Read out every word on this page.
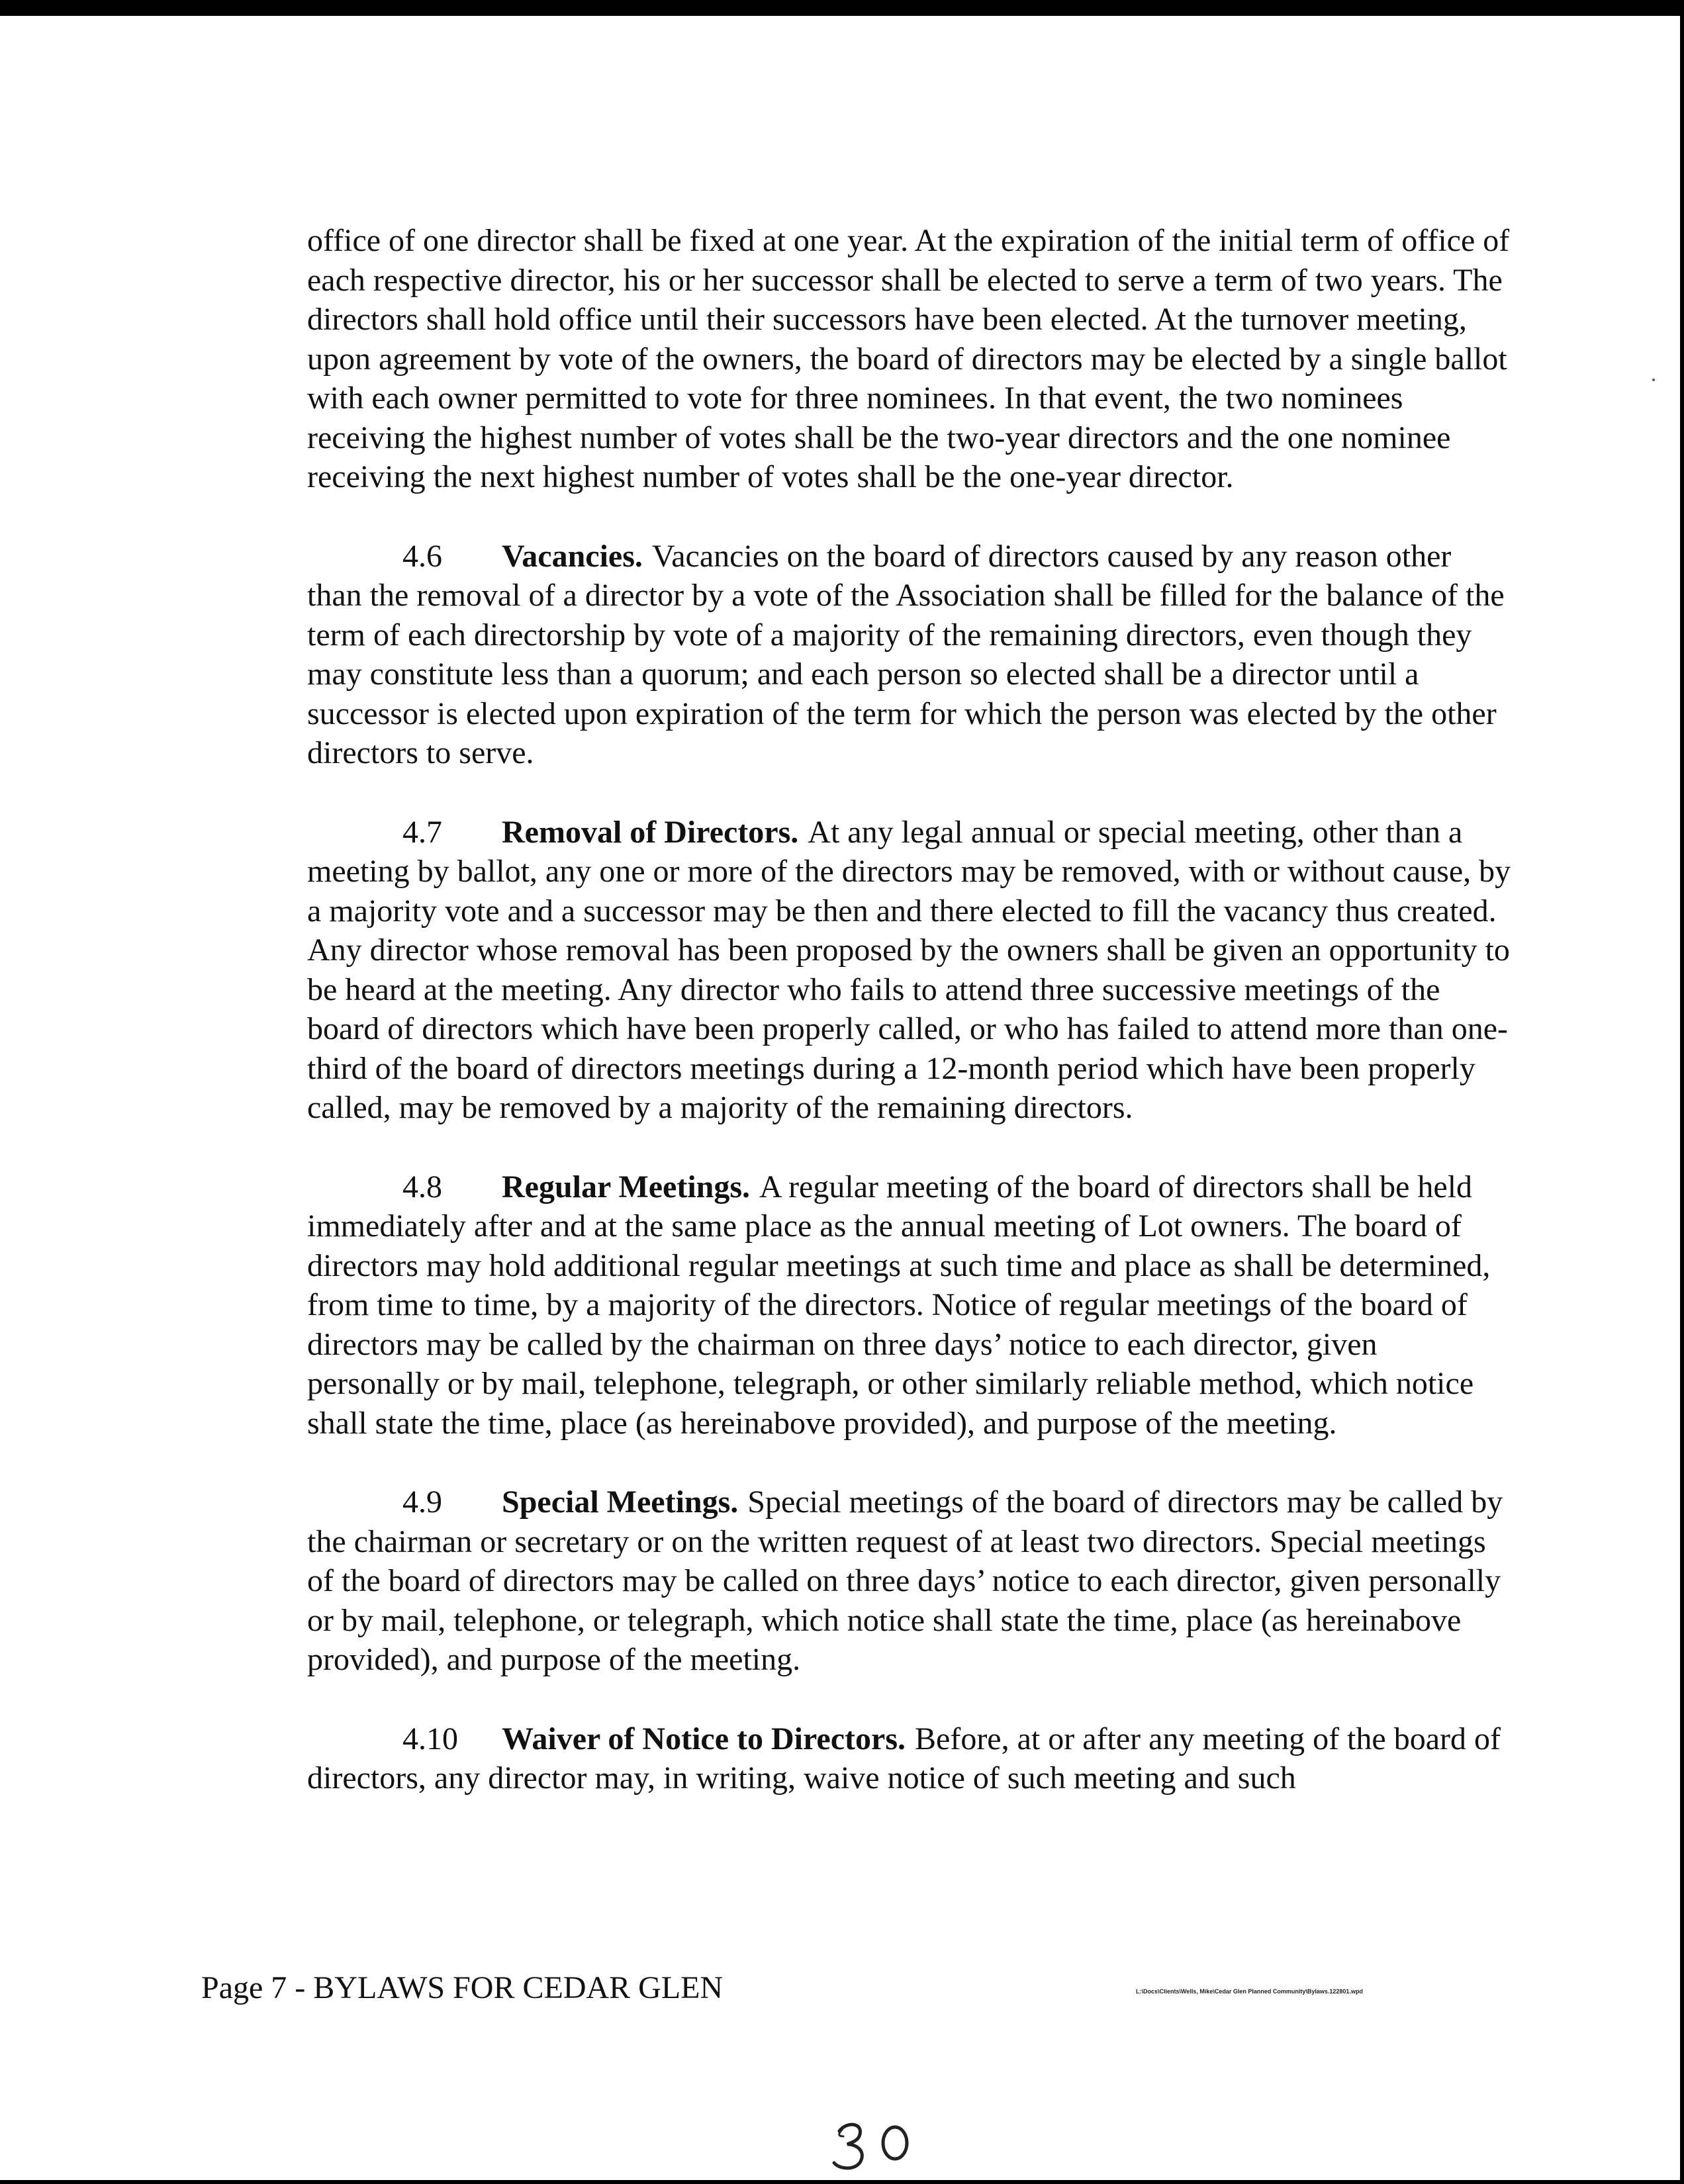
office of one director shall be fixed at one year. At the expiration of the initial term of office of each respective director, his or her successor shall be elected to serve a term of two years. The directors shall hold office until their successors have been elected. At the turnover meeting, upon agreement by vote of the owners, the board of directors may be elected by a single ballot with each owner permitted to vote for three nominees. In that event, the two nominees receiving the highest number of votes shall be the two-year directors and the one nominee receiving the next highest number of votes shall be the one-year director.

4.6 Vacancies. Vacancies on the board of directors caused by any reason other than the removal of a director by a vote of the Association shall be filled for the balance of the term of each directorship by vote of a majority of the remaining directors, even though they may constitute less than a quorum; and each person so elected shall be a director until a successor is elected upon expiration of the term for which the person was elected by the other directors to serve.

4.7 Removal of Directors. At any legal annual or special meeting, other than a meeting by ballot, any one or more of the directors may be removed, with or without cause, by a majority vote and a successor may be then and there elected to fill the vacancy thus created. Any director whose removal has been proposed by the owners shall be given an opportunity to be heard at the meeting. Any director who fails to attend three successive meetings of the board of directors which have been properly called, or who has failed to attend more than one-third of the board of directors meetings during a 12-month period which have been properly called, may be removed by a majority of the remaining directors.

4.8 Regular Meetings. A regular meeting of the board of directors shall be held immediately after and at the same place as the annual meeting of Lot owners. The board of directors may hold additional regular meetings at such time and place as shall be determined, from time to time, by a majority of the directors. Notice of regular meetings of the board of directors may be called by the chairman on three days’ notice to each director, given personally or by mail, telephone, telegraph, or other similarly reliable method, which notice shall state the time, place (as hereinabove provided), and purpose of the meeting.

4.9 Special Meetings. Special meetings of the board of directors may be called by the chairman or secretary or on the written request of at least two directors. Special meetings of the board of directors may be called on three days’ notice to each director, given personally or by mail, telephone, or telegraph, which notice shall state the time, place (as hereinabove provided), and purpose of the meeting.

4.10 Waiver of Notice to Directors. Before, at or after any meeting of the board of directors, any director may, in writing, waive notice of such meeting and such

Page 7 - BYLAWS FOR CEDAR GLEN	L:\Docs\Clients\Wells, Mike\Cedar Glen Planned Community\Bylaws.122801.wpd
